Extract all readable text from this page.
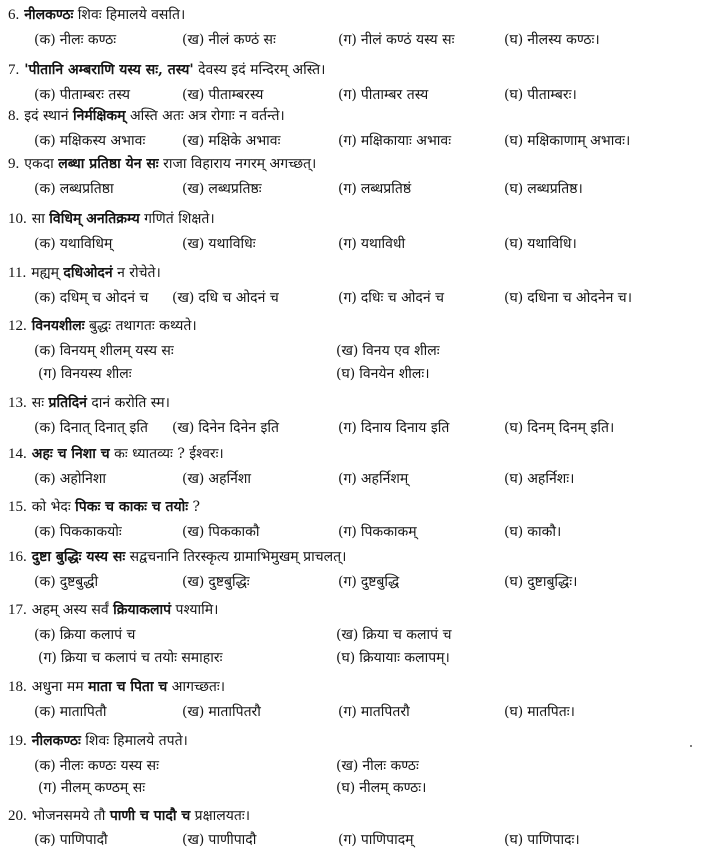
6. नीलकण्ठः शिवः हिमालये वसति।
(क) नीलः कण्ठः	(ख) नीलं कण्ठं सः	(ग) नीलं कण्ठं यस्य सः	(घ) नीलस्य कण्ठः।
7. 'पीतानि अम्बराणि यस्य सः, तस्य' देवस्य इदं मन्दिरम् अस्ति।
(क) पीताम्बरः तस्य	(ख) पीताम्बरस्य	(ग) पीताम्बर तस्य	(घ) पीताम्बरः।
8. इदं स्थानं निर्मक्षिकम् अस्ति अतः अत्र रोगाः न वर्तन्ते।
(क) मक्षिकस्य अभावः	(ख) मक्षिके अभावः	(ग) मक्षिकायाः अभावः	(घ) मक्षिकाणाम् अभावः।
9. एकदा लब्धा प्रतिष्ठा येन सः राजा विहाराय नगरम् अगच्छत्।
(क) लब्धप्रतिष्ठा	(ख) लब्धप्रतिष्ठः	(ग) लब्धप्रतिष्ठं	(घ) लब्धप्रतिष्ठ।
10. सा विधिम् अनतिक्रम्य गणितं शिक्षते।
(क) यथाविधिम्	(ख) यथाविधिः	(ग) यथाविधी	(घ) यथाविधि।
11. मह्यम् दधिओदनं न रोचेते।
(क) दधिम् च ओदनं च (ख) दधि च ओदनं च	(ग) दधिः च ओदनं च	(घ) दधिना च ओदनेन च।
12. विनयशीलः बुद्धः तथागतः कथ्यते।
(क) विनयम् शीलम् यस्य सः	(ख) विनय एव शीलः
(ग) विनयस्य शीलः	(घ) विनयेन शीलः।
13. सः प्रतिदिनं दानं करोति स्म।
(क) दिनात् दिनात् इति (ख) दिनेन दिनेन इति	(ग) दिनाय दिनाय इति	(घ) दिनम् दिनम् इति।
14. अहः च निशा च कः ध्यातव्यः ? ईश्वरः।
(क) अहोनिशा	(ख) अहर्निशा	(ग) अहर्निशम्	(घ) अहर्निशः।
15. को भेदः पिकः च काकः च तयोः ?
(क) पिककाकयोः	(ख) पिककाकौ	(ग) पिककाकम्	(घ) काकौ।
16. दुष्टा बुद्धिः यस्य सः सद्वचनानि तिरस्कृत्य ग्रामाभिमुखम् प्राचलत्।
(क) दुष्टबुद्धी	(ख) दुष्टबुद्धिः	(ग) दुष्टबुद्धि	(घ) दुष्टाबुद्धिः।
17. अहम् अस्य सर्वं क्रियाकलापं पश्यामि।
(क) क्रिया कलापं च	(ख) क्रिया च कलापं च
(ग) क्रिया च कलापं च तयोः समाहारः	(घ) क्रियायाः कलापम्।
18. अधुना मम माता च पिता च आगच्छतः।
(क) मातापितौ	(ख) मातापितरौ	(ग) मातपितरौ	(घ) मातपितः।
19. नीलकण्ठः शिवः हिमालये तपते।
(क) नीलः कण्ठः यस्य सः	(ख) नीलः कण्ठः
(ग) नीलम् कण्ठम् सः	(घ) नीलम् कण्ठः।
20. भोजनसमये तौ पाणी च पादौ च प्रक्षालयतः।
(क) पाणिपादौ	(ख) पाणीपादौ	(ग) पाणिपादम्	(घ) पाणिपादः।
